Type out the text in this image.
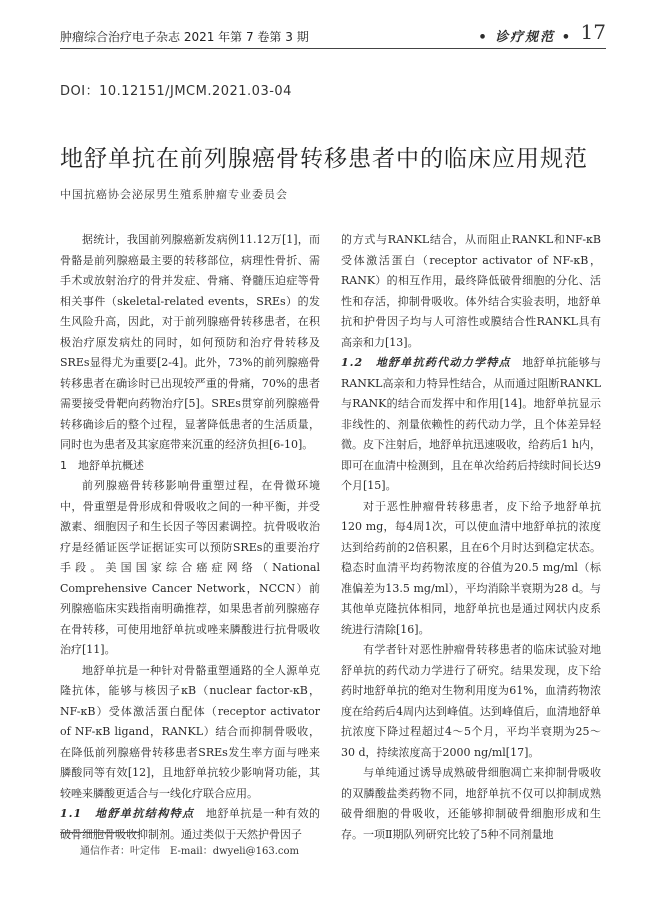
肿瘤综合治疗电子杂志 2021 年第 7 卷第 3 期	• 诊疗规范 • 17
DOI：10.12151/JMCM.2021.03-04
地舒单抗在前列腺癌骨转移患者中的临床应用规范
中国抗癌协会泌尿男生殖系肿瘤专业委员会

据统计，我国前列腺癌新发病例11.12万[1]，而骨骼是前列腺癌最主要的转移部位，病理性骨折、需手术或放射治疗的骨并发症、骨痛、脊髓压迫症等骨相关事件（skeletal-related events，SREs）的发生风险升高，因此，对于前列腺癌骨转移患者，在积极治疗原发病灶的同时，如何预防和治疗骨转移及SREs显得尤为重要[2-4]。此外，73%的前列腺癌骨转移患者在确诊时已出现较严重的骨痛，70%的患者需要接受骨靶向药物治疗[5]。SREs贯穿前列腺癌骨转移确诊后的整个过程，显著降低患者的生活质量，同时也为患者及其家庭带来沉重的经济负担[6-10]。

1　地舒单抗概述

前列腺癌骨转移影响骨重塑过程，在骨微环境中，骨重塑是骨形成和骨吸收之间的一种平衡，并受激素、细胞因子和生长因子等因素调控。抗骨吸收治疗是经循证医学证据证实可以预防SREs的重要治疗手段。美国国家综合癌症网络（National Comprehensive Cancer Network，NCCN）前列腺癌临床实践指南明确推荐，如果患者前列腺癌存在骨转移，可使用地舒单抗或唑来膦酸进行抗骨吸收治疗[11]。

地舒单抗是一种针对骨骼重塑通路的全人源单克隆抗体，能够与核因子κB（nuclear factor-κB，NF-κB）受体激活蛋白配体（receptor activator of NF-κB ligand，RANKL）结合而抑制骨吸收，在降低前列腺癌骨转移患者SREs发生率方面与唑来膦酸同等有效[12]，且地舒单抗较少影响肾功能，其较唑来膦酸更适合与一线化疗联合应用。

1.1　地舒单抗结构特点　地舒单抗是一种有效的破骨细胞骨吸收抑制剂。通过类似于天然护骨因子

的方式与RANKL结合，从而阻止RANKL和NF-κB受体激活蛋白（receptor activator of NF-κB，RANK）的相互作用，最终降低破骨细胞的分化、活性和存活，抑制骨吸收。体外结合实验表明，地舒单抗和护骨因子均与人可溶性或膜结合性RANKL具有高亲和力[13]。

1.2　地舒单抗药代动力学特点　地舒单抗能够与RANKL高亲和力特异性结合，从而通过阻断RANKL与RANK的结合而发挥中和作用[14]。地舒单抗显示非线性的、剂量依赖性的药代动力学，且个体差异轻微。皮下注射后，地舒单抗迅速吸收，给药后1 h内，即可在血清中检测到，且在单次给药后持续时间长达9个月[15]。

对于恶性肿瘤骨转移患者，皮下给予地舒单抗120 mg，每4周1次，可以使血清中地舒单抗的浓度达到给药前的2倍积累，且在6个月时达到稳定状态。稳态时血清平均药物浓度的谷值为20.5 mg/ml（标准偏差为13.5 mg/ml），平均消除半衰期为28 d。与其他单克隆抗体相同，地舒单抗也是通过网状内皮系统进行清除[16]。

有学者针对恶性肿瘤骨转移患者的临床试验对地舒单抗的药代动力学进行了研究。结果发现，皮下给药时地舒单抗的绝对生物利用度为61%，血清药物浓度在给药后4周内达到峰值。达到峰值后，血清地舒单抗浓度下降过程超过4～5个月，平均半衰期为25～30 d，持续浓度高于2000 ng/ml[17]。

与单纯通过诱导成熟破骨细胞凋亡来抑制骨吸收的双膦酸盐类药物不同，地舒单抗不仅可以抑制成熟破骨细胞的骨吸收，还能够抑制破骨细胞形成和生存。一项Ⅱ期队列研究比较了5种不同剂量地

通信作者：叶定伟　E-mail：dwyeli@163.com
